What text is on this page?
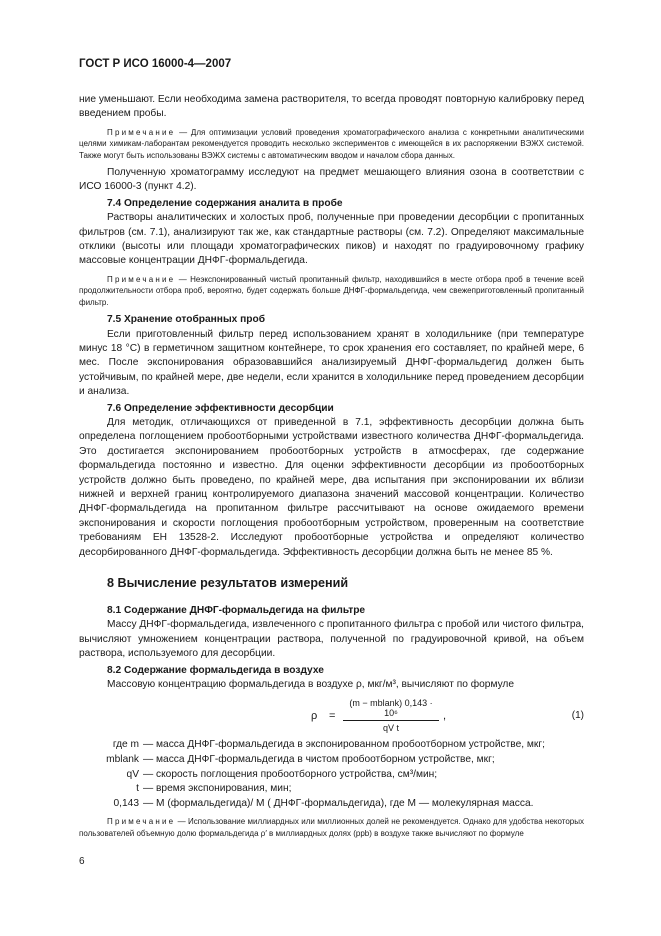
ГОСТ Р ИСО 16000-4—2007

ние уменьшают. Если необходима замена растворителя, то всегда проводят повторную калибровку перед введением пробы.

Примечание — Для оптимизации условий проведения хроматографического анализа с конкретными аналитическими целями химикам-лаборантам рекомендуется проводить несколько экспериментов с имеющейся в их распоряжении ВЭЖХ системой. Также могут быть использованы ВЭЖХ системы с автоматическим вводом и началом сбора данных.

Полученную хроматограмму исследуют на предмет мешающего влияния озона в соответствии с ИСО 16000-3 (пункт 4.2).

7.4 Определение содержания аналита в пробе

Растворы аналитических и холостых проб, полученные при проведении десорбции с пропитанных фильтров (см. 7.1), анализируют так же, как стандартные растворы (см. 7.2). Определяют максимальные отклики (высоты или площади хроматографических пиков) и находят по градуировочному графику массовые концентрации ДНФГ-формальдегида.

Примечание — Неэкспонированный чистый пропитанный фильтр, находившийся в месте отбора проб в течение всей продолжительности отбора проб, вероятно, будет содержать больше ДНФГ-формальдегида, чем свежеприготовленный пропитанный фильтр.

7.5 Хранение отобранных проб

Если приготовленный фильтр перед использованием хранят в холодильнике (при температуре минус 18 °С) в герметичном защитном контейнере, то срок хранения его составляет, по крайней мере, 6 мес. После экспонирования образовавшийся анализируемый ДНФГ-формальдегид должен быть устойчивым, по крайней мере, две недели, если хранится в холодильнике перед проведением десорбции и анализа.

7.6 Определение эффективности десорбции

Для методик, отличающихся от приведенной в 7.1, эффективность десорбции должна быть определена поглощением пробоотборными устройствами известного количества ДНФГ-формальдегида. Это достигается экспонированием пробоотборных устройств в атмосферах, где содержание формальдегида постоянно и известно. Для оценки эффективности десорбции из пробоотборных устройств должно быть проведено, по крайней мере, два испытания при экспонировании их вблизи нижней и верхней границ контролируемого диапазона значений массовой концентрации. Количество ДНФГ-формальдегида на пропитанном фильтре рассчитывают на основе ожидаемого времени экспонирования и скорости поглощения пробоотборным устройством, проверенным на соответствие требованиям ЕН 13528-2. Исследуют пробоотборные устройства и определяют количество десорбированного ДНФГ-формальдегида. Эффективность десорбции должна быть не менее 85 %.

8 Вычисление результатов измерений
8.1 Содержание ДНФГ-формальдегида на фильтре

Массу ДНФГ-формальдегида, извлеченного с пропитанного фильтра с пробой или чистого фильтра, вычисляют умножением концентрации раствора, полученной по градуировочной кривой, на объем раствора, используемого для десорбции.

8.2 Содержание формальдегида в воздухе

Массовую концентрацию формальдегида в воздухе ρ, мкг/м³, вычисляют по формуле

ρ =
(m − mblank) 0,143 · 10⁶
qV t
,	(1)
где m — масса ДНФГ-формальдегида в экспонированном пробоотборном устройстве, мкг;
mblank — масса ДНФГ-формальдегида в чистом пробоотборном устройстве, мкг;
qV — скорость поглощения пробоотборного устройства, см³/мин;
t — время экспонирования, мин;
0,143 — M (формальдегида)/ M ( ДНФГ-формальдегида), где M — молекулярная масса.

Примечание — Использование миллиардных или миллионных долей не рекомендуется. Однако для удобства некоторых пользователей объемную долю формальдегида ρ′ в миллиардных долях (ppb) в воздухе также вычисляют по формуле

6
